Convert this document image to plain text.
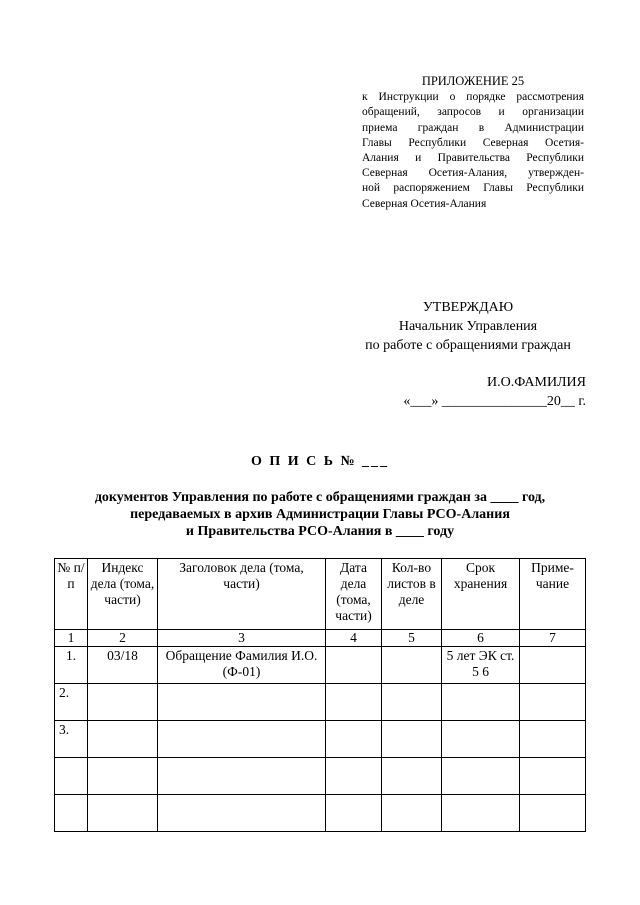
ПРИЛОЖЕНИЕ 25
к Инструкции о порядке рассмотрения
обращений, запросов и организации
приема граждан в Администрации
Главы Республики Северная Осетия-
Алания и Правительства Республики
Северная Осетия-Алания, утвержден-
ной распоряжением Главы Республики
Северная Осетия-Алания
УТВЕРЖДАЮ
Начальник Управления
по работе с обращениями граждан
И.О.ФАМИЛИЯ
«___» _______________20__ г.
О П И С Ь № ___
документов Управления по работе с обращениями граждан за ____ год,
передаваемых в архив Администрации Главы РСО-Алания
и Правительства РСО-Алания в ____ году
№ п/п	Индекс дела (тома, части)	Заголовок дела (тома, части)	Дата дела (тома, части)	Кол-во листов в деле	Срок хранения	Приме-чание
1	2	3	4	5	6	7
1.	03/18	Обращение Фамилия И.О. (Ф-01)			5 лет ЭК ст. 5 6	
2.						
3.						
